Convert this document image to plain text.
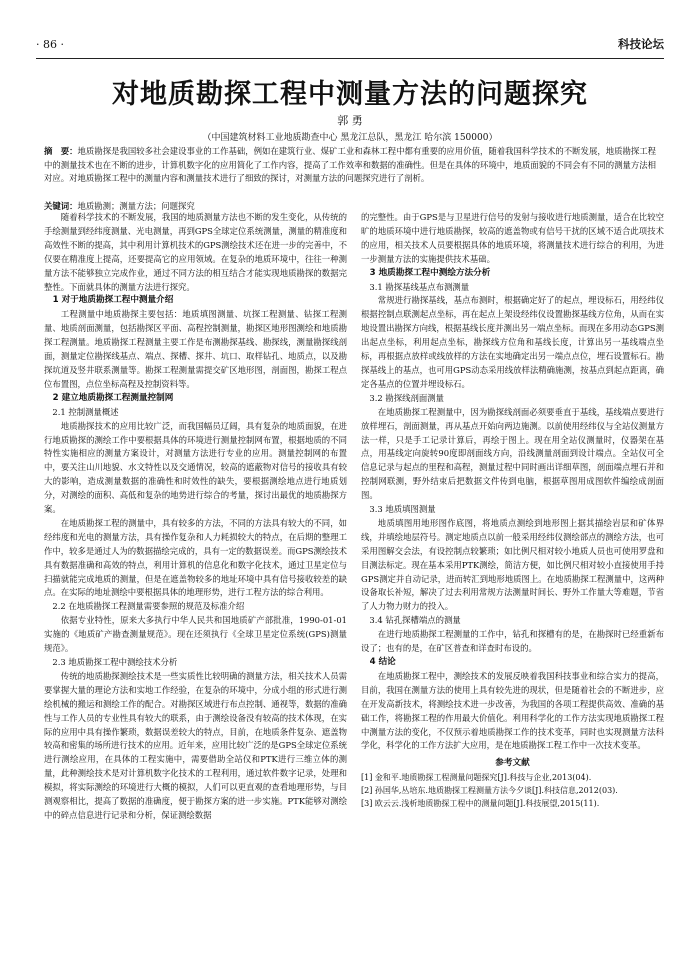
· 86 ·	科技论坛
对地质勘探工程中测量方法的问题探究
郭 勇
（中国建筑材料工业地质勘查中心 黑龙江总队，黑龙江 哈尔滨 150000）
摘　要：地质勘探是我国较多社会建设事业的工作基础，例如在建筑行业、煤矿工业和森林工程中都有重要的应用价值，随着我国科学技术的不断发展，地质勘探工程中的测量技术也在不断的进步，计算机数字化的应用简化了工作内容，提高了工作效率和数据的准确性。但是在具体的环境中，地质面貌的不同会有不同的测量方法相对应。对地质勘探工程中的测量内容和测量技术进行了细致的探讨，对测量方法的问题探究进行了剖析。
关键词：地质勘测；测量方法；问题探究

随着科学技术的不断发展，我国的地质测量方法也不断的发生变化，从传统的手绘测量到经纬度测量、光电测量，再到GPS全球定位系统测量，测量的精准度和高效性不断的提高，其中利用计算机技术的GPS测绘技术还在进一步的完善中，不仅要在精准度上提高，还要提高它的应用领域。在复杂的地质环境中，往往一种测量方法不能够独立完成作业，通过不同方法的相互结合才能实现地质勘探的数据完整性。下面就具体的测量方法进行探究。

1 对于地质勘探工程中测量介绍

工程测量中地质勘探主要包括：地质填图测量、坑探工程测量、钻探工程测量、地质剖面测量，包括勘探区平面、高程控制测量，勘探区地形图测绘和地质勘探工程测量。地质勘探工程测量主要工作是布测勘探基线、勘探线，测量勘探线剖面，测量定位勘探线基点、端点、探槽、探井、坑口、取样钻孔、地质点，以及勘探坑道及竖井联系测量等。勘探工程测量需提交矿区地形图，剖面图，勘探工程点位布置图，点位坐标高程及控制资料等。

2 建立地质勘探工程测量控制网
2.1 控制测量概述

地质勘探技术的应用比较广泛，而我国幅员辽阔，具有复杂的地质面貌，在进行地质勘探的测绘工作中要根据具体的环境进行测量控制网布置，根据地质的不同特性实施相应的测量方案设计，对测量方法进行专业的应用。测量控制网的布置中，要关注山川地貌、水文特性以及交通情况，较高的遮蔽物对信号的接收具有较大的影响，造成测量数据的准确性和时效性的缺失，要根据测绘地点进行地质划分，对测绘的面积、高低和复杂的地势进行综合的考量，探讨出最优的地质勘探方案。

在地质勘探工程的测量中，具有较多的方法，不同的方法具有较大的不同，如经纬度和光电的测量方法，具有操作复杂和人力耗损较大的特点，在后期的整理工作中，较多是通过人为的数据描绘完成的，具有一定的数据误差。而GPS测绘技术具有数据准确和高效的特点，利用计算机的信息化和数字化技术，通过卫星定位与扫描就能完成地质的测量，但是在遮盖物较多的地址环境中具有信号接收较差的缺点。在实际的地址测绘中要根据具体的地理形势，进行工程方法的综合利用。

2.2 在地质勘探工程测量需要参照的规范及标准介绍

依据专业特性，原来大多执行中华人民共和国地质矿产部批准，1990-01-01实施的《地质矿产勘查测量规范》。现在还须执行《全球卫星定位系统(GPS)测量规范》。

2.3 地质勘探工程中测绘技术分析

传统的地质勘探测绘技术是一些实质性比较明确的测量方法，相关技术人员需要掌握大量的理论方法和实地工作经验，在复杂的环境中，分成小组的形式进行测绘机械的搬运和测绘工作的配合。对勘探区域进行布点控制、通视等，数据的准确性与工作人员的专业性具有较大的联系，由于测绘设备没有较高的技术体现，在实际的应用中具有操作繁琐，数据误差较大的特点，目前，在地质条件复杂、遮盖物较高和密集的场所进行技术的应用。近年来，应用比较广泛的是GPS全球定位系统进行测绘应用，在具体的工程实施中，需要借助全站仪和PTK进行三维立体的测量，此种测绘技术是对计算机数字化技术的工程利用，通过软件数字记录，处理和模拟，将实际测绘的环境进行大概的模拟，人们可以更直观的查看地理形势，与目测观察相比，提高了数据的准确度，便于勘探方案的进一步实施。PTK能够对测绘中的碎点信息进行记录和分析，保证测绘数据

的完整性。由于GPS是与卫星进行信号的发射与接收进行地质测量，适合在比较空旷的地质环境中进行地质勘探，较高的遮盖物或有信号干扰的区域不适合此项技术的应用，相关技术人员要根据具体的地质环境，将测量技术进行综合的利用，为进一步测量方法的实施提供技术基础。

3 地质勘探工程中测绘方法分析
3.1 勘探基线基点布测测量

常规进行勘探基线，基点布测时，根据确定好了的起点，埋设标石，用经纬仪根据控制点联测起点坐标，再在起点上架设经纬仪设置勘探基线方位角，从而在实地设置出勘探方向线，根据基线长度并测出另一端点坐标。而现在多用动态GPS测出起点坐标，利用起点坐标，勘探线方位角和基线长度，计算出另一基线端点坐标，再根据点放样或线放样的方法在实地确定出另一端点点位，埋石设置标石。勘探基线上的基点，也可用GPS动态采用线放样法精确施测，按基点到起点距离，确定各基点的位置并埋设标石。

3.2 勘探线剖面测量

在地质勘探工程测量中，因为勘探线剖面必须要垂直于基线，基线端点要进行放样埋石，剖面测量，再从基点开始向两边施测。以前使用经纬仪与全站仪测量方法一样，只是手工记录计算后，再绘于图上。现在用全站仪测量时，仪器架在基点，用基线定向旋转90度即剖面线方向，沿线测量剖面到设计端点。全站仪可全信息记录与起点的里程和高程，测量过程中同时画出详细草图，剖面端点埋石并和控制网联测，野外结束后把数据文件传到电脑，根据草图用成图软件编绘成剖面图。

3.3 地质填图测量

地质填图用地形图作底图，将地质点测绘到地形图上据其描绘岩层和矿体界线，并填绘地层符号。测定地质点以前一般采用经纬仪测绘部点的测绘方法，也可采用图解交会法，有设控制点较繁琐；如比例尺相对较小地质人员也可使用罗盘和目测法标定。现在基本采用PTK测绘，简洁方便，如比例尺相对较小直接使用手持GPS测定并自动记录，进而转汇到地形地质图上。在地质勘探工程测量中，这两种设备取长补短，解决了过去利用常规方法测量时间长、野外工作量大等难题，节省了人力物力财力的投入。

3.4 钻孔探槽端点的测量

在进行地质勘探工程测量的工作中，钻孔和探槽有的是，在勘探时已经重新布设了；也有的是，在矿区普查和详查时布设的。

4 结论

在地质勘探工程中，测绘技术的发展反映着我国科技事业和综合实力的提高，目前，我国在测量方法的使用上具有较先进的现状，但是随着社会的不断进步，应在开发高新技术，将测绘技术进一步改善，为我国的各项工程提供高效、准确的基础工作，将勘探工程的作用最大价值化。利用科学化的工作方法实现地质勘探工程中测量方法的变化，不仅预示着地质勘探工作的技术变革，同时也实现测量方法科学化，科学化的工作方法扩大应用，是在地质勘探工程工作中一次技术变革。

参考文献
[1] 金和平.地质勘探工程测量问题探究[J].科技与企业,2013(04).
[2] 孙国华,丛培东.地质勘探工程测量方法今夕谈[J].科技信息,2012(03).
[3] 欧云云.浅析地质勘探工程中的测量问题[J].科技展望,2015(11).
